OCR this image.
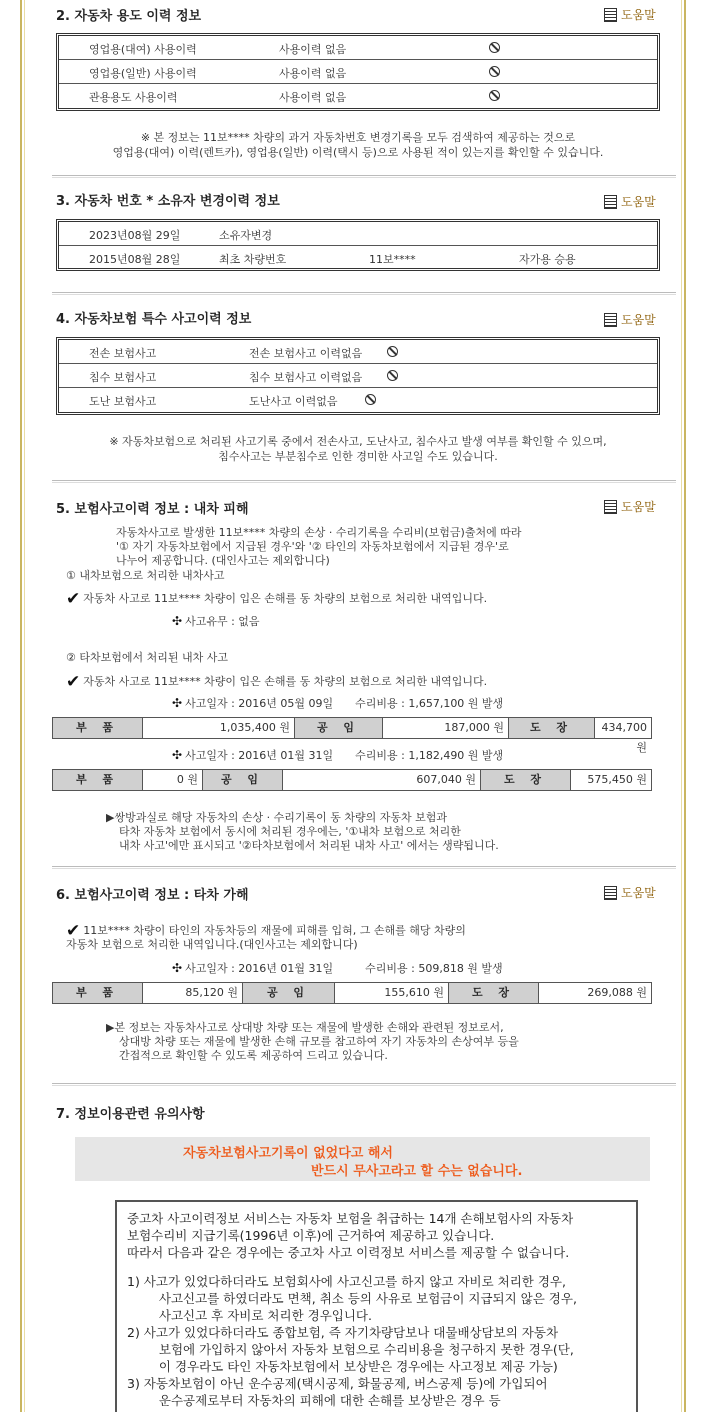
2. 자동차 용도 이력 정보	도움말
영업용(대여) 사용이력	사용이력 없음
영업용(일반) 사용이력	사용이력 없음
관용용도 사용이력	사용이력 없음
※ 본 정보는 11보**** 차량의 과거 자동차번호 변경기록을 모두 검색하여 제공하는 것으로
영업용(대여) 이력(렌트카), 영업용(일반) 이력(택시 등)으로 사용된 적이 있는지를 확인할 수 있습니다.
3. 자동차 번호 * 소유자 변경이력 정보	도움말
2023년08월 29일	소유자변경
2015년08월 28일	최초 차량번호	11보****	자가용 승용
4. 자동차보험 특수 사고이력 정보	도움말
전손 보험사고	전손 보험사고 이력없음
침수 보험사고	침수 보험사고 이력없음
도난 보험사고	도난사고 이력없음
※ 자동차보험으로 처리된 사고기록 중에서 전손사고, 도난사고, 침수사고 발생 여부를 확인할 수 있으며,
침수사고는 부분침수로 인한 경미한 사고일 수도 있습니다.
5. 보험사고이력 정보 : 내차 피해	도움말
자동차사고로 발생한 11보**** 차량의 손상 · 수리기록을 수리비(보험금)출처에 따라
'① 자기 자동차보험에서 지급된 경우'와 '② 타인의 자동차보험에서 지급된 경우'로
나누어 제공합니다. (대인사고는 제외합니다)
① 내차보험으로 처리한 내차사고
✔ 자동차 사고로 11보**** 차량이 입은 손해를 동 차량의 보험으로 처리한 내역입니다.
✣ 사고유무 : 없음
② 타차보험에서 처리된 내차 사고
✔ 자동차 사고로 11보**** 차량이 입은 손해를 동 차량의 보험으로 처리한 내역입니다.
✣ 사고일자 : 2016년 05월 09일 수리비용 : 1,657,100 원 발생
부 품	1,035,400 원	공 임	187,000 원	도 장	434,700 원
✣ 사고일자 : 2016년 01월 31일 수리비용 : 1,182,490 원 발생
부 품	0 원	공 임	607,040 원	도 장	575,450 원
▶쌍방과실로 해당 자동차의 손상 · 수리기록이 동 차량의 자동차 보험과
타차 자동차 보험에서 동시에 처리된 경우에는, '①내차 보험으로 처리한
내차 사고'에만 표시되고 '②타차보험에서 처리된 내차 사고' 에서는 생략됩니다.
6. 보험사고이력 정보 : 타차 가해	도움말
✔ 11보**** 차량이 타인의 자동차등의 재물에 피해를 입혀, 그 손해를 해당 차량의
자동차 보험으로 처리한 내역입니다.(대인사고는 제외합니다)
✣ 사고일자 : 2016년 01월 31일	수리비용 : 509,818 원 발생
부 품	85,120 원	공 임	155,610 원	도 장	269,088 원
▶본 정보는 자동차사고로 상대방 차량 또는 재물에 발생한 손해와 관련된 정보로서,
상대방 차량 또는 재물에 발생한 손해 규모를 참고하여 자기 자동차의 손상여부 등을
간접적으로 확인할 수 있도록 제공하여 드리고 있습니다.
7. 정보이용관련 유의사항
자동차보험사고기록이 없었다고 해서
반드시 무사고라고 할 수는 없습니다.
중고차 사고이력정보 서비스는 자동차 보험을 취급하는 14개 손해보험사의 자동차
보험수리비 지급기록(1996년 이후)에 근거하여 제공하고 있습니다.
따라서 다음과 같은 경우에는 중고차 사고 이력정보 서비스를 제공할 수 없습니다.
1) 사고가 있었다하더라도 보험회사에 사고신고를 하지 않고 자비로 처리한 경우,
사고신고를 하였더라도 면책, 취소 등의 사유로 보험금이 지급되지 않은 경우,
사고신고 후 자비로 처리한 경우입니다.
2) 사고가 있었다하더라도 종합보험, 즉 자기차량담보나 대물배상담보의 자동차
보험에 가입하지 않아서 자동차 보험으로 수리비용을 청구하지 못한 경우(단,
이 경우라도 타인 자동차보험에서 보상받은 경우에는 사고정보 제공 가능)
3) 자동차보험이 아닌 운수공제(택시공제, 화물공제, 버스공제 등)에 가입되어
운수공제로부터 자동차의 피해에 대한 손해를 보상받은 경우 등
